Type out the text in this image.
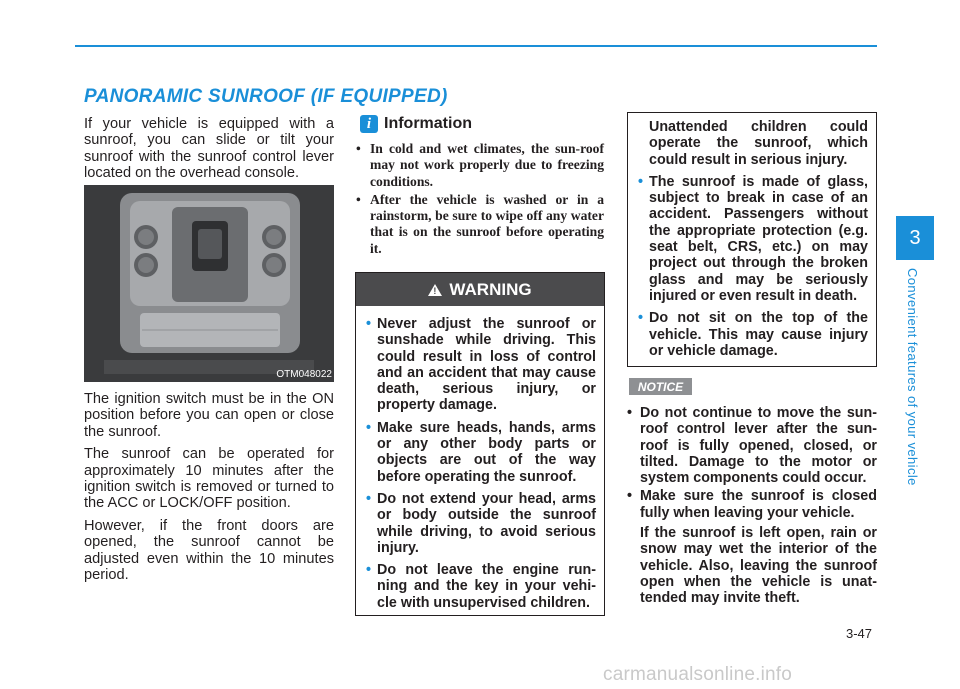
PANORAMIC SUNROOF (IF EQUIPPED)

If your vehicle is equipped with a sunroof, you can slide or tilt your sunroof with the sunroof control lever located on the overhead console.

OTM048022

The ignition switch must be in the ON position before you can open or close the sunroof.

The sunroof can be operated for approximately 10 minutes after the ignition switch is removed or turned to the ACC or LOCK/OFF position.

However, if the front doors are opened, the sunroof cannot be adjusted even within the 10 minutes period.

i Information
• In cold and wet climates, the sun-roof may not work properly due to freezing conditions.
• After the vehicle is washed or in a rainstorm, be sure to wipe off any water that is on the sunroof before operating it.
! WARNING
• Never adjust the sunroof or sunshade while driving. This could result in loss of control and an accident that may cause death, serious injury, or property damage.
• Make sure heads, hands, arms or any other body parts or objects are out of the way before operating the sunroof.
• Do not extend your head, arms or body outside the sunroof while driving, to avoid serious injury.
• Do not leave the engine run-ning and the key in your vehi-cle with unsupervised children.
Unattended children could operate the sunroof, which could result in serious injury.
• The sunroof is made of glass, subject to break in case of an accident. Passengers without the appropriate protection (e.g. seat belt, CRS, etc.) on may project out through the broken glass and may be seriously injured or even result in death.
• Do not sit on the top of the vehicle. This may cause injury or vehicle damage.
NOTICE
• Do not continue to move the sun-roof control lever after the sun-roof is fully opened, closed, or tilted. Damage to the motor or system components could occur.
• Make sure the sunroof is closed fully when leaving your vehicle.
If the sunroof is left open, rain or snow may wet the interior of the vehicle. Also, leaving the sunroof open when the vehicle is unat-tended may invite theft.
3
Convenient features of your vehicle
3-47
carmanualsonline.info
